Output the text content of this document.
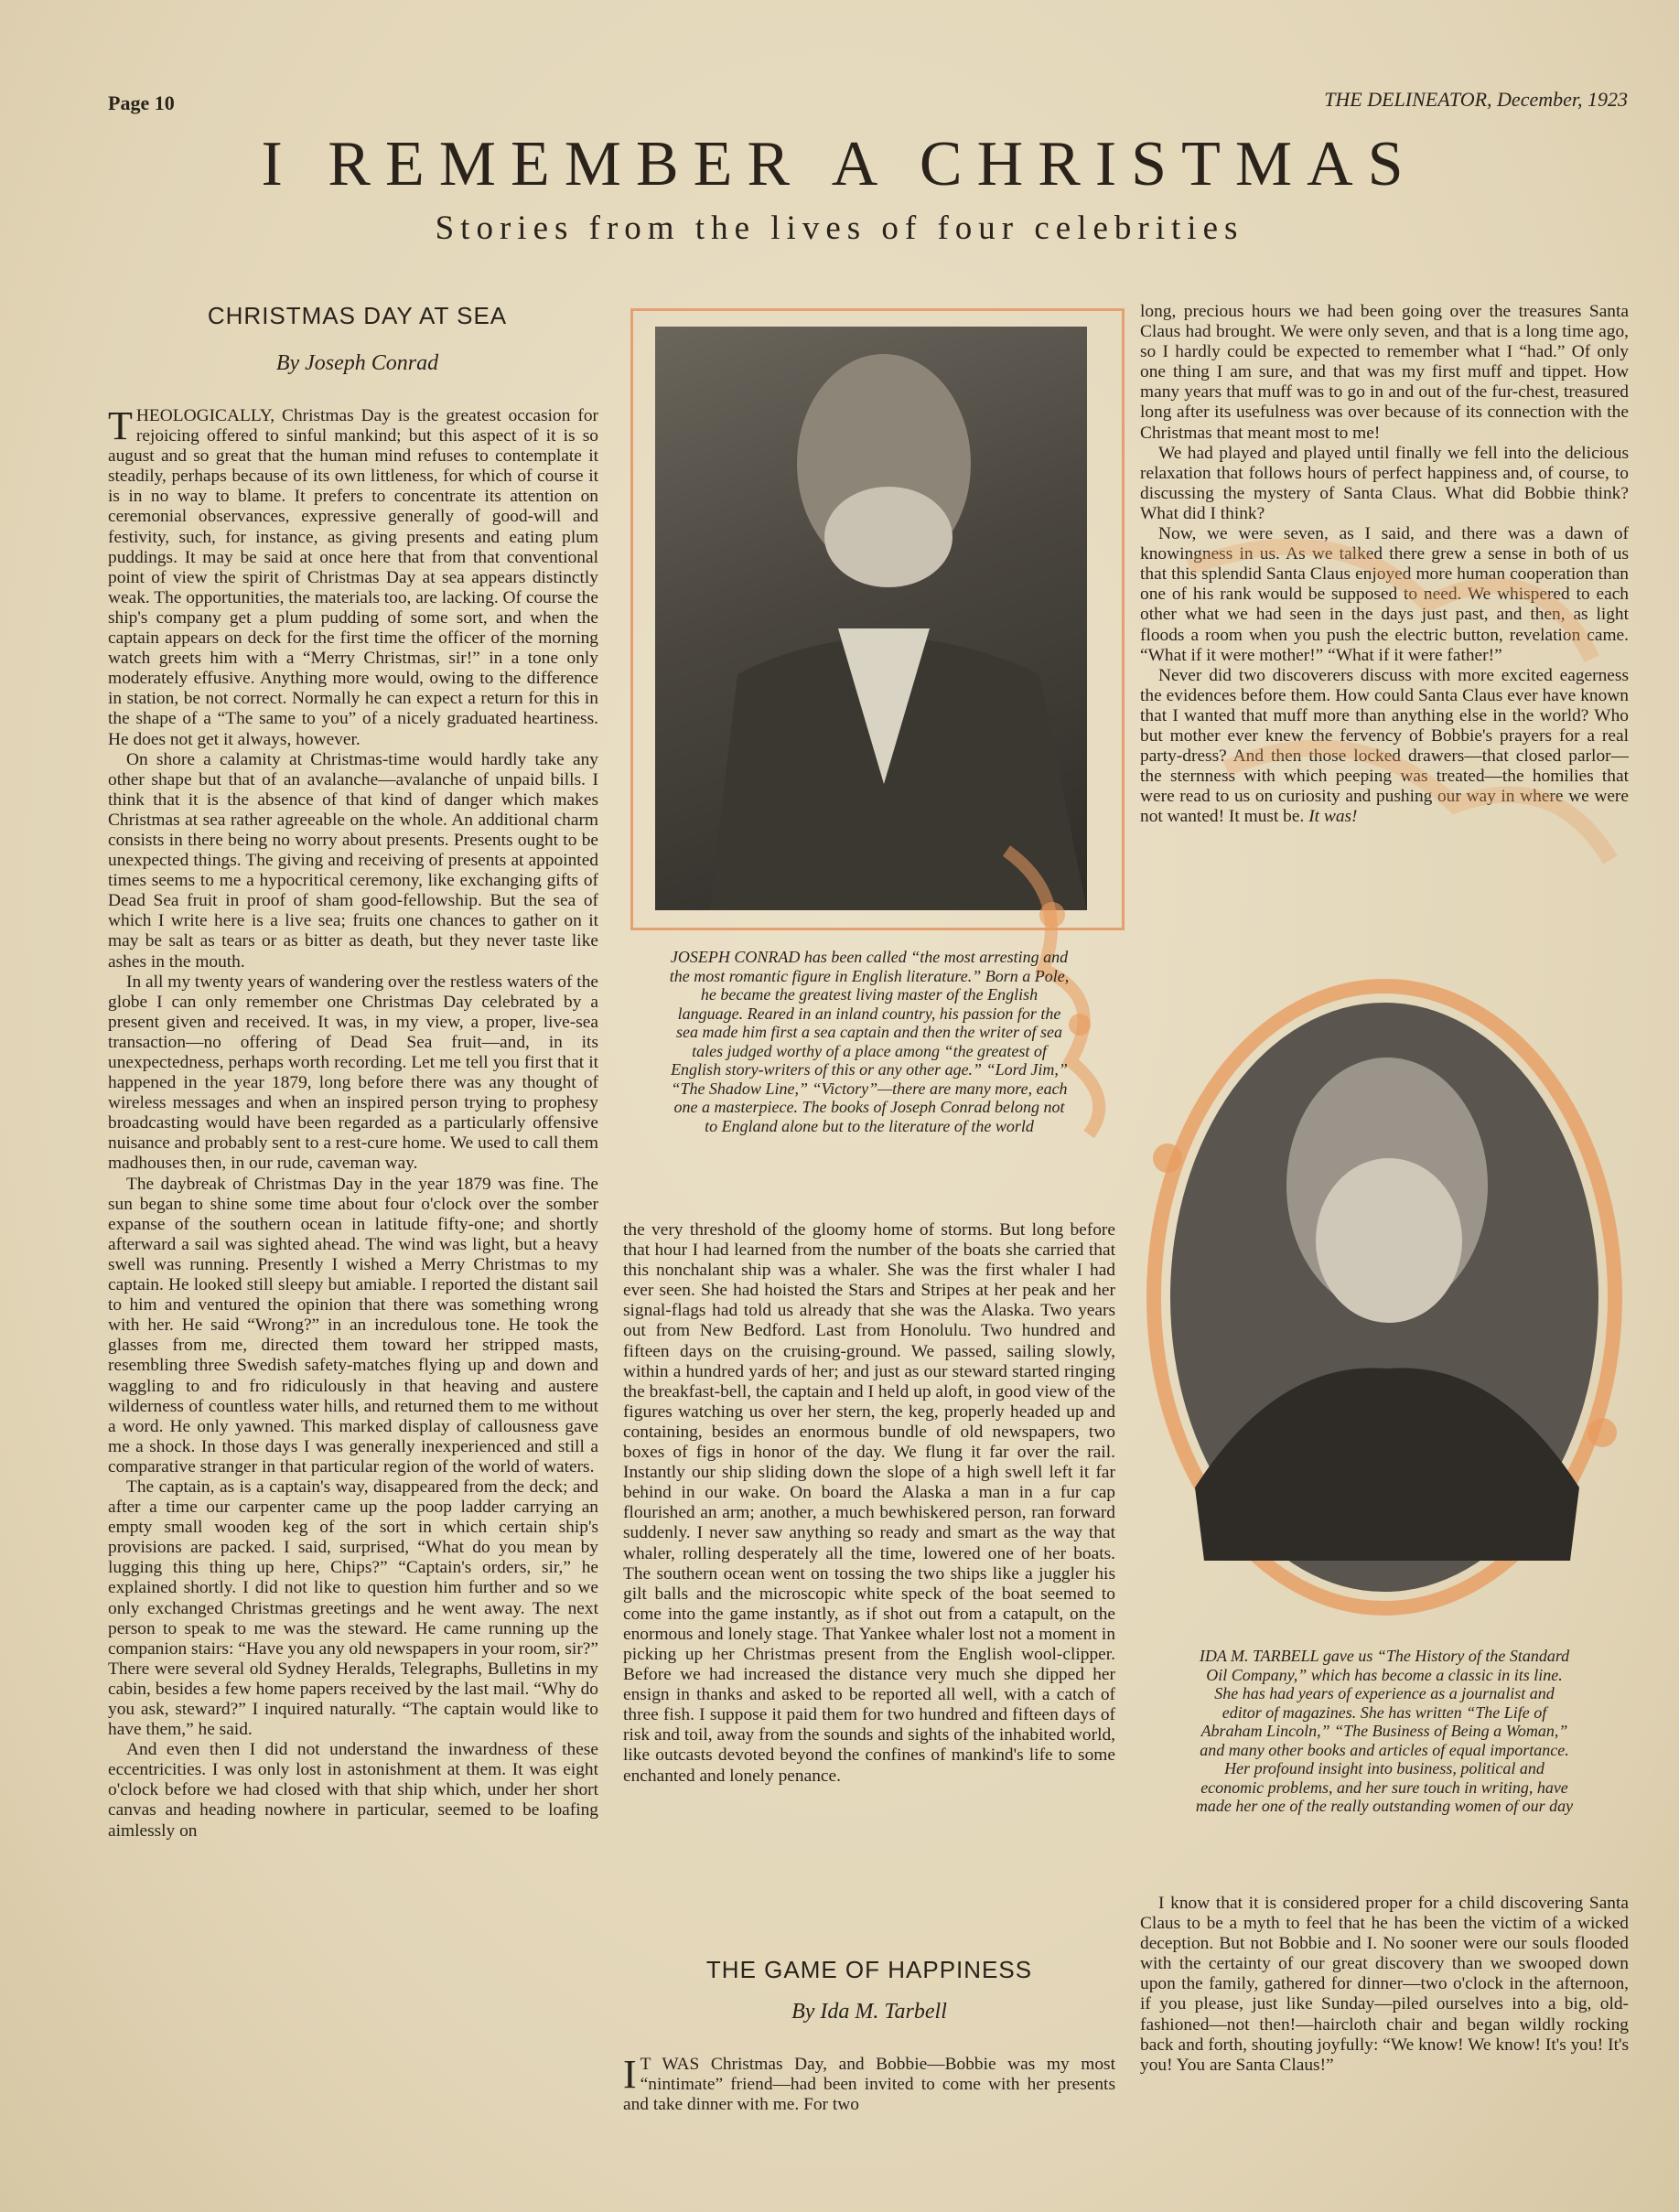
Page 10	THE DELINEATOR, December, 1923
I REMEMBER A CHRISTMAS
Stories from the lives of four celebrities
CHRISTMAS DAY AT SEA
By Joseph Conrad

THEOLOGICALLY, Christmas Day is the greatest occasion for rejoicing offered to sinful mankind; but this aspect of it is so august and so great that the human mind refuses to contemplate it steadily, perhaps because of its own littleness, for which of course it is in no way to blame. It prefers to concentrate its attention on ceremonial observances, expressive generally of good-will and festivity, such, for instance, as giving presents and eating plum puddings. It may be said at once here that from that conventional point of view the spirit of Christmas Day at sea appears distinctly weak. The opportunities, the materials too, are lacking. Of course the ship's company get a plum pudding of some sort, and when the captain appears on deck for the first time the officer of the morning watch greets him with a “Merry Christmas, sir!” in a tone only moderately effusive. Anything more would, owing to the difference in station, be not correct. Normally he can expect a return for this in the shape of a “The same to you” of a nicely graduated heartiness. He does not get it always, however.

On shore a calamity at Christmas-time would hardly take any other shape but that of an avalanche—avalanche of unpaid bills. I think that it is the absence of that kind of danger which makes Christmas at sea rather agreeable on the whole. An additional charm consists in there being no worry about presents. Presents ought to be unexpected things. The giving and receiving of presents at appointed times seems to me a hypocritical ceremony, like exchanging gifts of Dead Sea fruit in proof of sham good-fellowship. But the sea of which I write here is a live sea; fruits one chances to gather on it may be salt as tears or as bitter as death, but they never taste like ashes in the mouth.

In all my twenty years of wandering over the restless waters of the globe I can only remember one Christmas Day celebrated by a present given and received. It was, in my view, a proper, live-sea transaction—no offering of Dead Sea fruit—and, in its unexpectedness, perhaps worth recording. Let me tell you first that it happened in the year 1879, long before there was any thought of wireless messages and when an inspired person trying to prophesy broadcasting would have been regarded as a particularly offensive nuisance and probably sent to a rest-cure home. We used to call them madhouses then, in our rude, caveman way.

The daybreak of Christmas Day in the year 1879 was fine. The sun began to shine some time about four o'clock over the somber expanse of the southern ocean in latitude fifty-one; and shortly afterward a sail was sighted ahead. The wind was light, but a heavy swell was running. Presently I wished a Merry Christmas to my captain. He looked still sleepy but amiable. I reported the distant sail to him and ventured the opinion that there was something wrong with her. He said “Wrong?” in an incredulous tone. He took the glasses from me, directed them toward her stripped masts, resembling three Swedish safety-matches flying up and down and waggling to and fro ridiculously in that heaving and austere wilderness of countless water hills, and returned them to me without a word. He only yawned. This marked display of callousness gave me a shock. In those days I was generally inexperienced and still a comparative stranger in that particular region of the world of waters.

The captain, as is a captain's way, disappeared from the deck; and after a time our carpenter came up the poop ladder carrying an empty small wooden keg of the sort in which certain ship's provisions are packed. I said, surprised, “What do you mean by lugging this thing up here, Chips?” “Captain's orders, sir,” he explained shortly. I did not like to question him further and so we only exchanged Christmas greetings and he went away. The next person to speak to me was the steward. He came running up the companion stairs: “Have you any old newspapers in your room, sir?” There were several old Sydney Heralds, Telegraphs, Bulletins in my cabin, besides a few home papers received by the last mail. “Why do you ask, steward?” I inquired naturally. “The captain would like to have them,” he said.

And even then I did not understand the inwardness of these eccentricities. I was only lost in astonishment at them. It was eight o'clock before we had closed with that ship which, under her short canvas and heading nowhere in particular, seemed to be loafing aimlessly on

JOSEPH CONRAD has been called “the most arresting and the most romantic figure in English literature.” Born a Pole, he became the greatest living master of the English language. Reared in an inland country, his passion for the sea made him first a sea captain and then the writer of sea tales judged worthy of a place among “the greatest of English story-writers of this or any other age.” “Lord Jim,” “The Shadow Line,” “Victory”—there are many more, each one a masterpiece. The books of Joseph Conrad belong not to England alone but to the literature of the world

the very threshold of the gloomy home of storms. But long before that hour I had learned from the number of the boats she carried that this nonchalant ship was a whaler. She was the first whaler I had ever seen. She had hoisted the Stars and Stripes at her peak and her signal-flags had told us already that she was the Alaska. Two years out from New Bedford. Last from Honolulu. Two hundred and fifteen days on the cruising-ground. We passed, sailing slowly, within a hundred yards of her; and just as our steward started ringing the breakfast-bell, the captain and I held up aloft, in good view of the figures watching us over her stern, the keg, properly headed up and containing, besides an enormous bundle of old newspapers, two boxes of figs in honor of the day. We flung it far over the rail. Instantly our ship sliding down the slope of a high swell left it far behind in our wake. On board the Alaska a man in a fur cap flourished an arm; another, a much bewhiskered person, ran forward suddenly. I never saw anything so ready and smart as the way that whaler, rolling desperately all the time, lowered one of her boats. The southern ocean went on tossing the two ships like a juggler his gilt balls and the microscopic white speck of the boat seemed to come into the game instantly, as if shot out from a catapult, on the enormous and lonely stage. That Yankee whaler lost not a moment in picking up her Christmas present from the English wool-clipper. Before we had increased the distance very much she dipped her ensign in thanks and asked to be reported all well, with a catch of three fish. I suppose it paid them for two hundred and fifteen days of risk and toil, away from the sounds and sights of the inhabited world, like outcasts devoted beyond the confines of mankind's life to some enchanted and lonely penance.

THE GAME OF HAPPINESS
By Ida M. Tarbell

I T WAS Christmas Day, and Bobbie—Bobbie was my most “nintimate” friend—had been invited to come with her presents and take dinner with me. For two

long, precious hours we had been going over the treasures Santa Claus had brought. We were only seven, and that is a long time ago, so I hardly could be expected to remember what I “had.” Of only one thing I am sure, and that was my first muff and tippet. How many years that muff was to go in and out of the fur-chest, treasured long after its usefulness was over because of its connection with the Christmas that meant most to me!

We had played and played until finally we fell into the delicious relaxation that follows hours of perfect happiness and, of course, to discussing the mystery of Santa Claus. What did Bobbie think? What did I think?

Now, we were seven, as I said, and there was a dawn of knowingness in us. As we talked there grew a sense in both of us that this splendid Santa Claus enjoyed more human cooperation than one of his rank would be supposed to need. We whispered to each other what we had seen in the days just past, and then, as light floods a room when you push the electric button, revelation came. “What if it were mother!” “What if it were father!”

Never did two discoverers discuss with more excited eagerness the evidences before them. How could Santa Claus ever have known that I wanted that muff more than anything else in the world? Who but mother ever knew the fervency of Bobbie's prayers for a real party-dress? And then those locked drawers—that closed parlor—the sternness with which peeping was treated—the homilies that were read to us on curiosity and pushing our way in where we were not wanted! It must be. It was!

IDA M. TARBELL gave us “The History of the Standard Oil Company,” which has become a classic in its line. She has had years of experience as a journalist and editor of magazines. She has written “The Life of Abraham Lincoln,” “The Business of Being a Woman,” and many other books and articles of equal importance. Her profound insight into business, political and economic problems, and her sure touch in writing, have made her one of the really outstanding women of our day

I know that it is considered proper for a child discovering Santa Claus to be a myth to feel that he has been the victim of a wicked deception. But not Bobbie and I. No sooner were our souls flooded with the certainty of our great discovery than we swooped down upon the family, gathered for dinner—two o'clock in the afternoon, if you please, just like Sunday—piled ourselves into a big, old-fashioned—not then!—haircloth chair and began wildly rocking back and forth, shouting joyfully: “We know! We know! It's you! It's you! You are Santa Claus!”
